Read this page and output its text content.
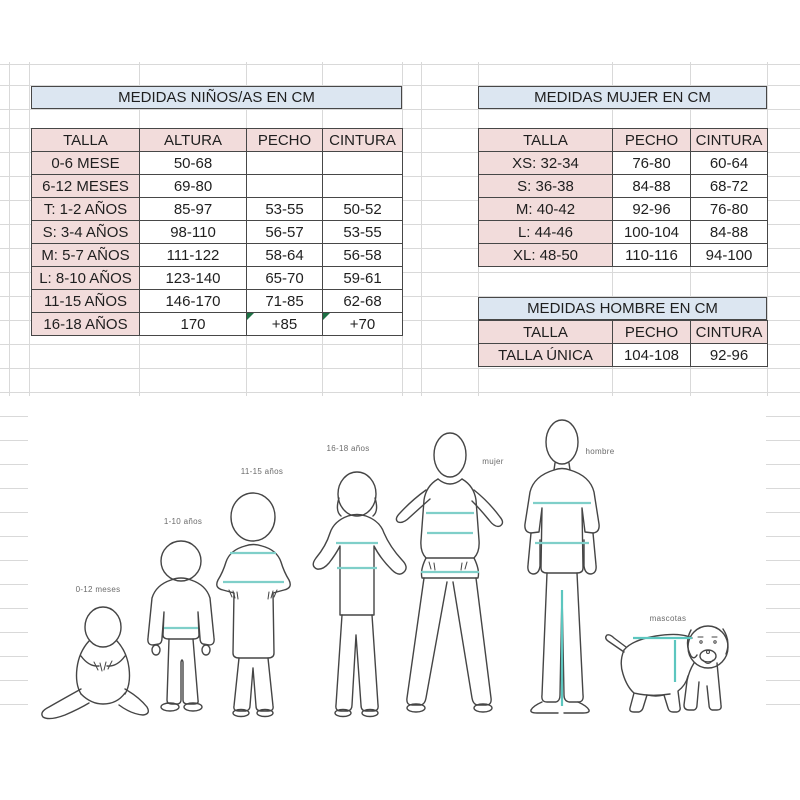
MEDIDAS NIÑOS/AS EN CM	MEDIDAS MUJER EN CM
MEDIDAS HOMBRE EN CM
TALLA	ALTURA	PECHO	CINTURA
0-6 MESE	50-68		
6-12 MESES	69-80		
T: 1-2 AÑOS	85-97	53-55	50-52
S: 3-4 AÑOS	98-110	56-57	53-55
M: 5-7 AÑOS	111-122	58-64	56-58
L: 8-10 AÑOS	123-140	65-70	59-61
11-15 AÑOS	146-170	71-85	62-68
16-18 AÑOS	170	+85	+70
TALLA	PECHO	CINTURA
XS: 32-34	76-80	60-64
S: 36-38	84-88	68-72
M: 40-42	92-96	76-80
L: 44-46	100-104	84-88
XL: 48-50	110-116	94-100
TALLA	PECHO	CINTURA
TALLA ÚNICA	104-108	92-96
0-12 meses
1-10 años
11-15 años
16-18 años
mujer
hombre
mascotas
